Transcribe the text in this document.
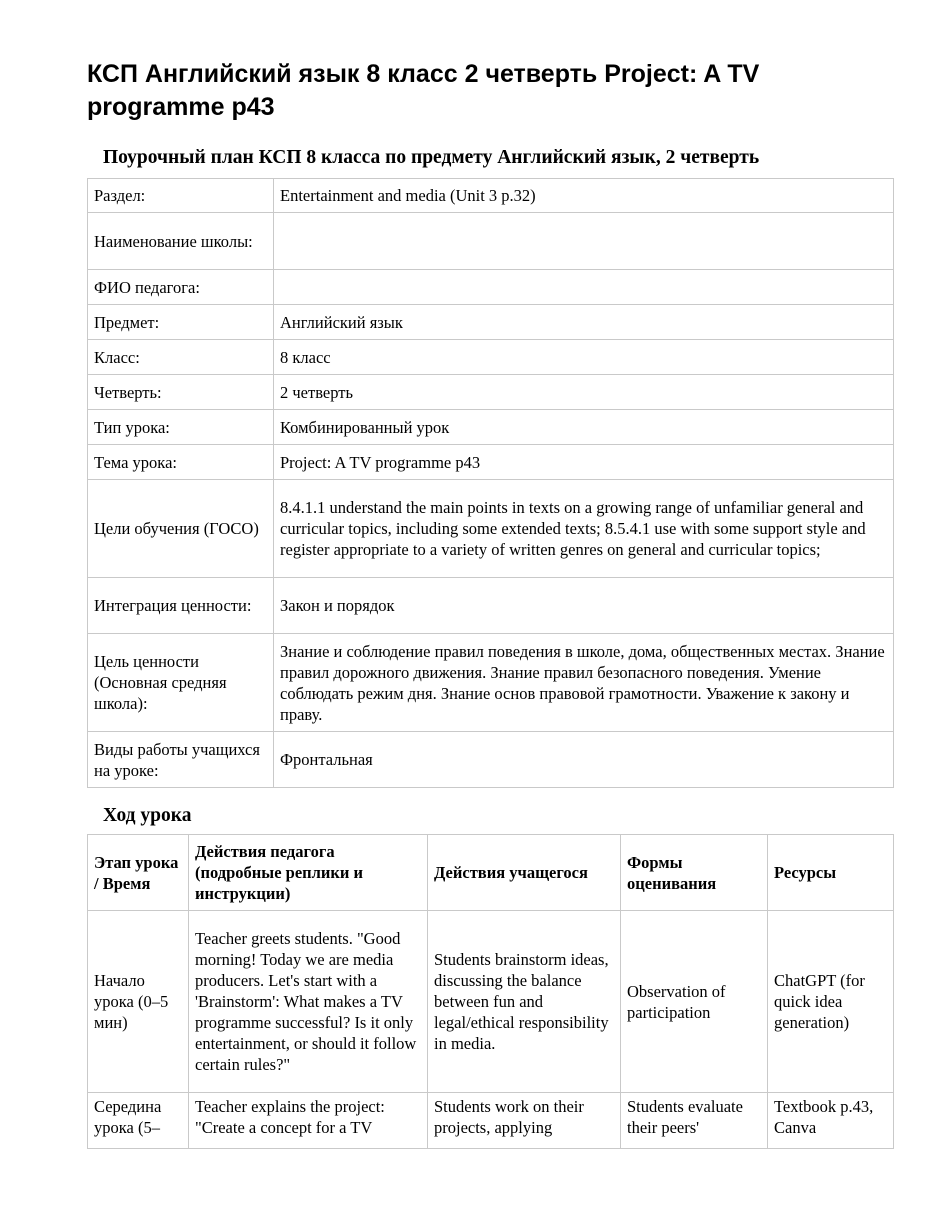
КСП Английский язык 8 класс 2 четверть Project: A TV programme p43
Поурочный план КСП 8 класса по предмету Английский язык, 2 четверть
Раздел:	Entertainment and media (Unit 3 p.32)
Наименование школы:	
ФИО педагога:	
Предмет:	Английский язык
Класс:	8 класс
Четверть:	2 четверть
Тип урока:	Комбинированный урок
Тема урока:	Project: A TV programme p43
Цели обучения (ГОСО)	8.4.1.1 understand the main points in texts on a growing range of unfamiliar general and curricular topics, including some extended texts; 8.5.4.1 use with some support style and register appropriate to a variety of written genres on general and curricular topics;
Интеграция ценности:	Закон и порядок
Цель ценности (Основная средняя школа):	Знание и соблюдение правил поведения в школе, дома, общественных местах. Знание правил дорожного движения. Знание правил безопасного поведения. Умение соблюдать режим дня. Знание основ правовой грамотности. Уважение к закону и праву.
Виды работы учащихся на уроке:	Фронтальная
Ход урока
Этап урока / Время	Действия педагога (подробные реплики и инструкции)	Действия учащегося	Формы оценивания	Ресурсы
Начало урока (0–5 мин)	Teacher greets students. "Good morning! Today we are media producers. Let's start with a 'Brainstorm': What makes a TV programme successful? Is it only entertainment, or should it follow certain rules?"	Students brainstorm ideas, discussing the balance between fun and legal/ethical responsibility in media.	Observation of participation	ChatGPT (for quick idea generation)
Середина урока (5–	Teacher explains the project: "Create a concept for a TV	Students work on their projects, applying	Students evaluate their peers'	Textbook p.43, Canva
